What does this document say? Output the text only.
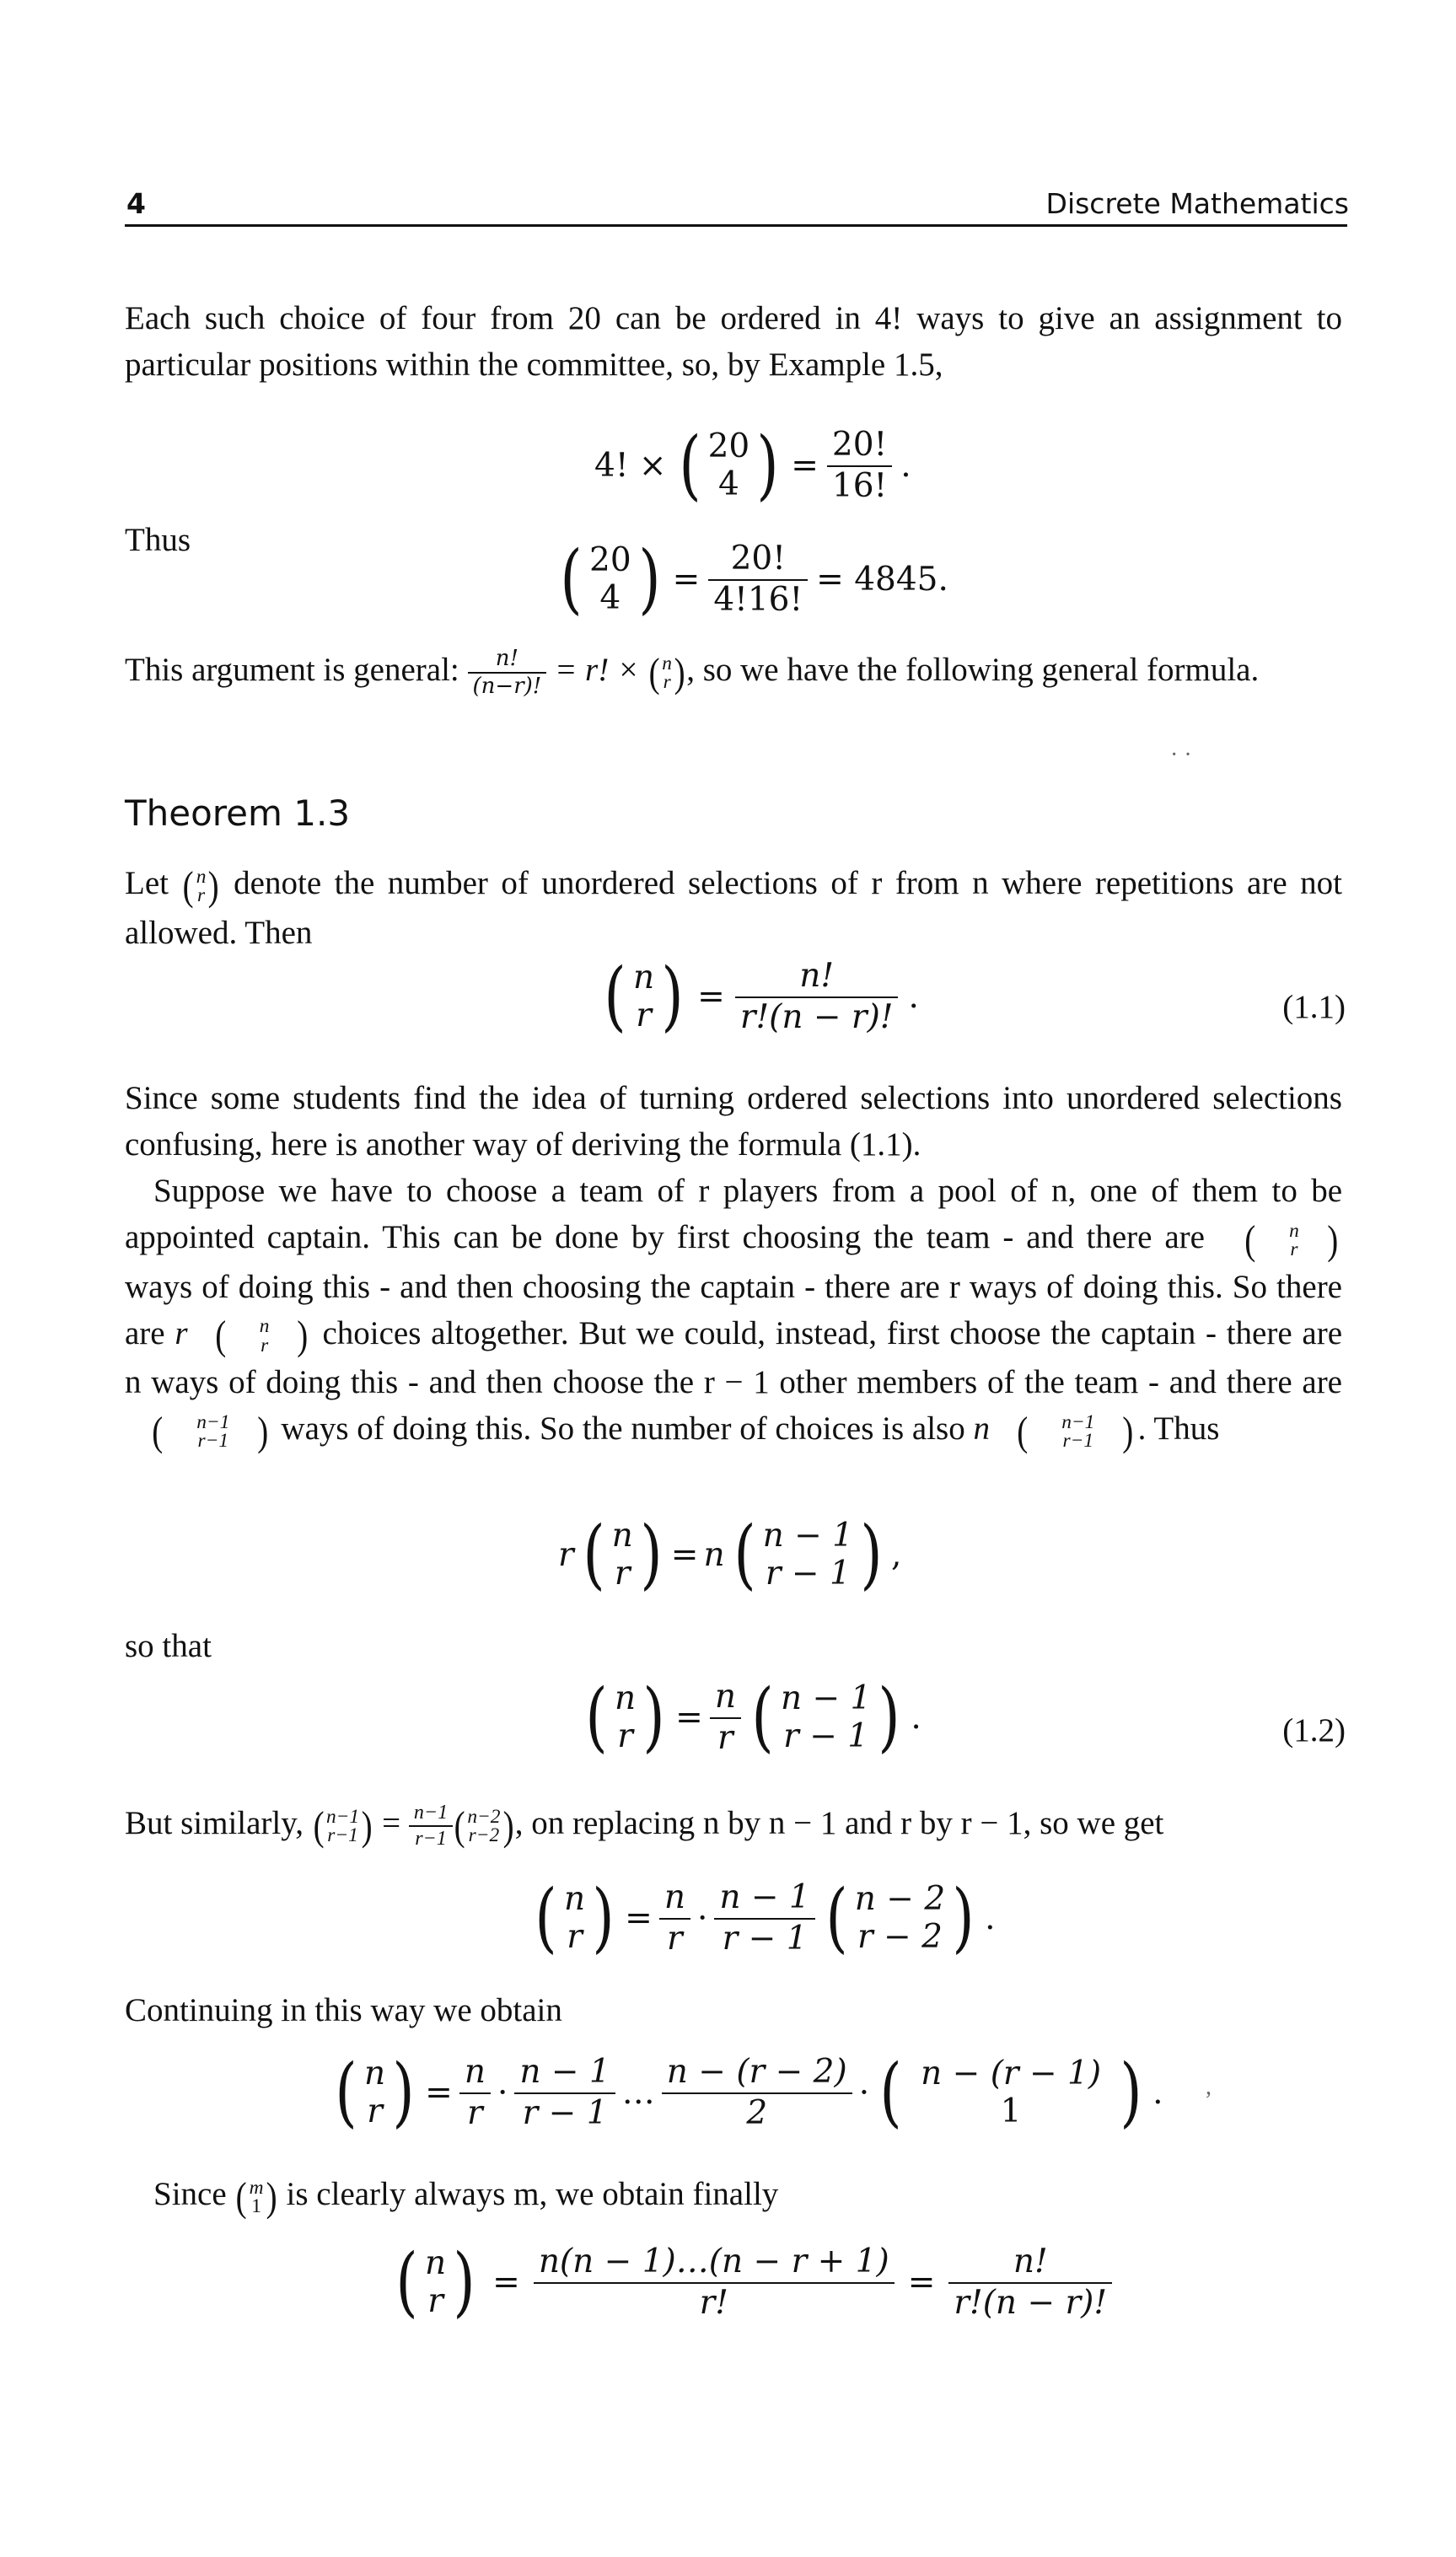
4	Discrete Mathematics
Each such choice of four from 20 can be ordered in 4! ways to give an assignment to particular positions within the committee, so, by Example 1.5,
4! × ( 20
4 ) = $\frac{20!}{16!}$ .
Thus	( 20
4 ) = $\frac{20!}{4!16!} = 4845$.
This argument is general: $\frac{n!}{(n-r)!} = r$! × ( n
r ) , so we have the following general formula.
· ·
Theorem 1.3
Let ( n
r ) denote the number of unordered selections of r from n where repetitions are not allowed. Then
( n
r ) = $\frac{n!}{r!(n - r)!}$ .	(1.1)
Since some students find the idea of turning ordered selections into unordered selections confusing, here is another way of deriving the formula (1.1).
Suppose we have to choose a team of r players from a pool of n, one of them to be appointed captain. This can be done by first choosing the team - and there are (	n
r )
ways of doing this - and then choosing the captain - there are r ways of doing this. So there are r (	n
r ) choices altogether. But we could, instead, first choose the captain - there are n ways of doing this - and then choose the r − 1 other members of the team - and there are
(	n−1
r−1 ) ways of doing this. So the number of choices is also n (	n−1
r−1 ) . Thus
r ( n
r ) = n ( n − 1
r − 1 ) ,
so that
( n
r ) = $\frac{n}{r}$ ( n − 1
r − 1 ) .	(1.2)
But similarly, ( n−1
r−1 ) = $\frac{n-1}{r-1}$ ( n−2
r−2 ) , on replacing n by n − 1 and r by r − 1, so we get
( n
r ) = $\frac{n}{r} \cdot \frac{n - 1}{r - 1}$ ( n − 2
r − 2 ) .
Continuing in this way we obtain
( n
r ) = $\frac{n}{r} \cdot \frac{n - 1}{r - 1}$ … $\frac{n - (r - 2)}{2}$ · ( n − (r − 1)
1 ) . ,
Since ( m
1 ) is clearly always m, we obtain finally
( n
r ) = $\frac{n(n - 1)\dots(n - r + 1)}{r!} = \frac{n!}{r!(n - r)!}$
